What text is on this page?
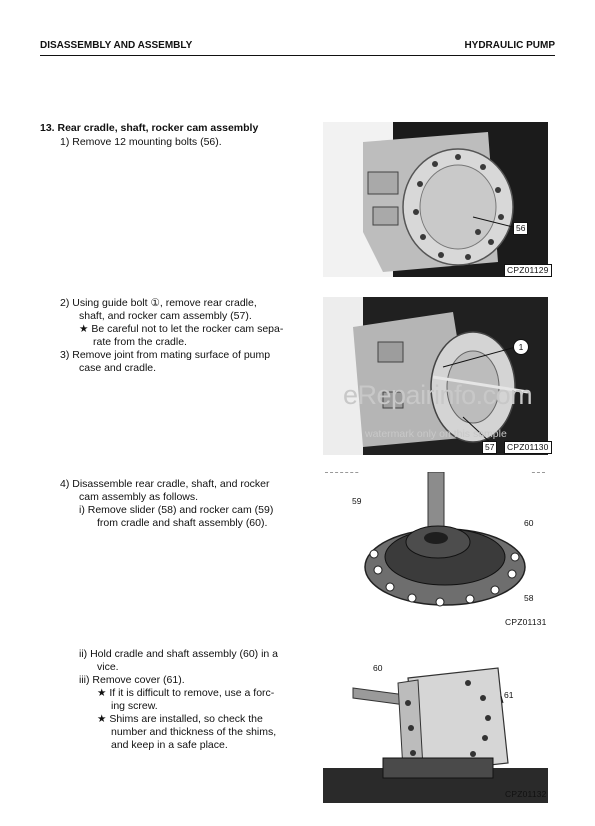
DISASSEMBLY AND ASSEMBLY	HYDRAULIC PUMP
13. Rear cradle, shaft, rocker cam assembly
1) Remove 12 mounting bolts (56).
56
CPZ01129
2) Using guide bolt ①, remove rear cradle,
shaft, and rocker cam assembly (57).
★ Be careful not to let the rocker cam sepa-
rate from the cradle.
3) Remove joint from mating surface of pump
case and cradle.
1
57	CPZ01130
eRepairinfo.com
watermark only on this sample
4) Disassemble rear cradle, shaft, and rocker
cam assembly as follows.
i) Remove slider (58) and rocker cam (59)
from cradle and shaft assembly (60).
59
60
58
CPZ01131
ii) Hold cradle and shaft assembly (60) in a
vice.
iii) Remove cover (61).
★ If it is difficult to remove, use a forc-
ing screw.
★ Shims are installed, so check the
number and thickness of the shims,
and keep in a safe place.
60
61
CPZ01132
